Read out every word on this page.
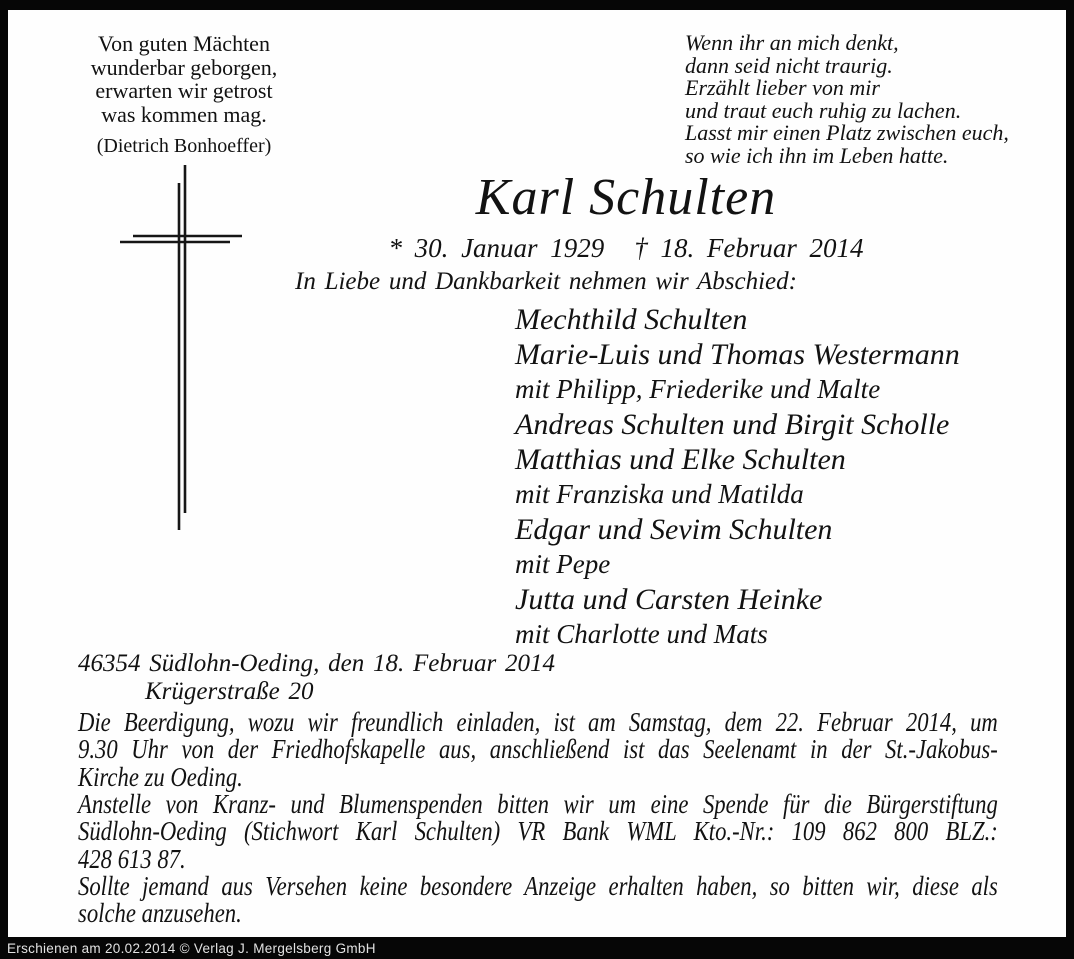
Von guten Mächten
wunderbar geborgen,
erwarten wir getrost
was kommen mag.
(Dietrich Bonhoeffer)
Wenn ihr an mich denkt,
dann seid nicht traurig.
Erzählt lieber von mir
und traut euch ruhig zu lachen.
Lasst mir einen Platz zwischen euch,
so wie ich ihn im Leben hatte.
Karl Schulten
* 30. Januar 1929 † 18. Februar 2014
In Liebe und Dankbarkeit nehmen wir Abschied:
Mechthild Schulten
Marie-Luis und Thomas Westermann
mit Philipp, Friederike und Malte
Andreas Schulten und Birgit Scholle
Matthias und Elke Schulten
mit Franziska und Matilda
Edgar und Sevim Schulten
mit Pepe
Jutta und Carsten Heinke
mit Charlotte und Mats
46354 Südlohn-Oeding, den 18. Februar 2014
Krügerstraße 20
Die Beerdigung, wozu wir freundlich einladen, ist am Samstag, dem 22. Februar 2014, um
9.30 Uhr von der Friedhofskapelle aus, anschließend ist das Seelenamt in der St.-Jakobus-
Kirche zu Oeding.
Anstelle von Kranz- und Blumenspenden bitten wir um eine Spende für die Bürgerstiftung
Südlohn-Oeding (Stichwort Karl Schulten) VR Bank WML Kto.-Nr.: 109 862 800 BLZ.:
428 613 87.
Sollte jemand aus Versehen keine besondere Anzeige erhalten haben, so bitten wir, diese als
solche anzusehen.
Erschienen am 20.02.2014 © Verlag J. Mergelsberg GmbH
